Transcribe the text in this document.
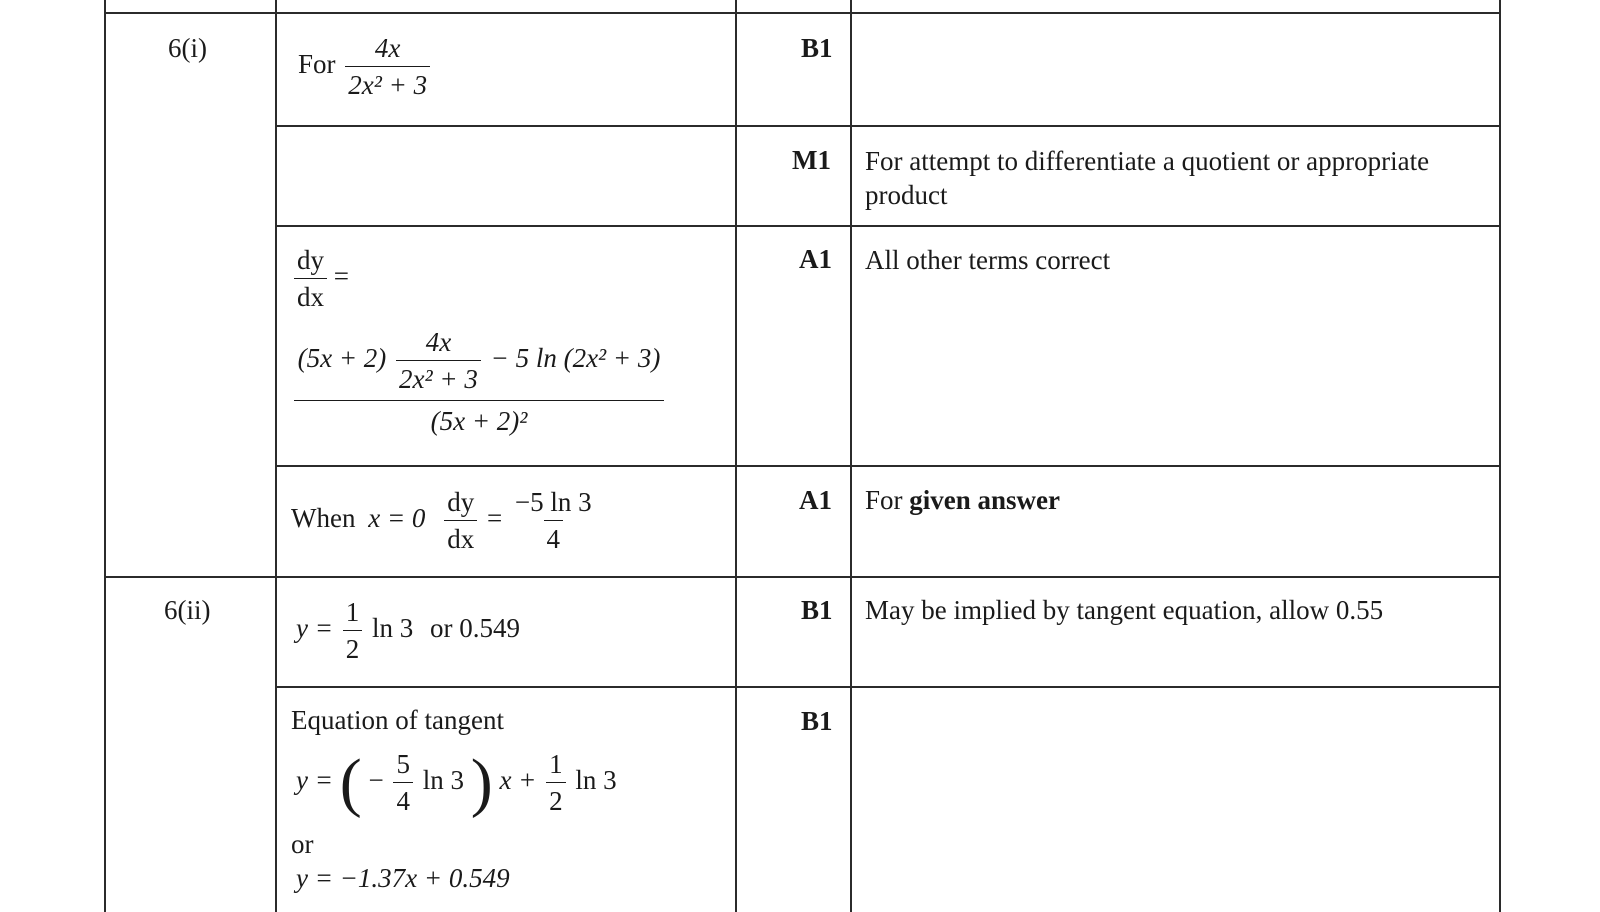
6(i)
For $\frac{4x}{\text{2x² + 3}}$	B1
M1 For attempt to differentiate a quotient or appropriate product
$\frac{dy}{dx}$ =
$(5x + 2) \frac{4x}{\text{2x² + 3}} - 5$ ln (2x² + 3)
(5x + 2)²
A1 All other terms correct
When $x = 0 \frac{dy}{dx} = \frac{-5 \ln 3}{4}$	A1 For given answer
6(ii)
$y = \frac{1}{2}$ ln 3 or 0.549
B1 May be implied by tangent equation, allow 0.55
Equation of tangent
y = ( − $\frac{5}{4}$ ln 3 ) $x + \frac{1}{2}$ ln 3
or
y = −1.37x + 0.549
B1
